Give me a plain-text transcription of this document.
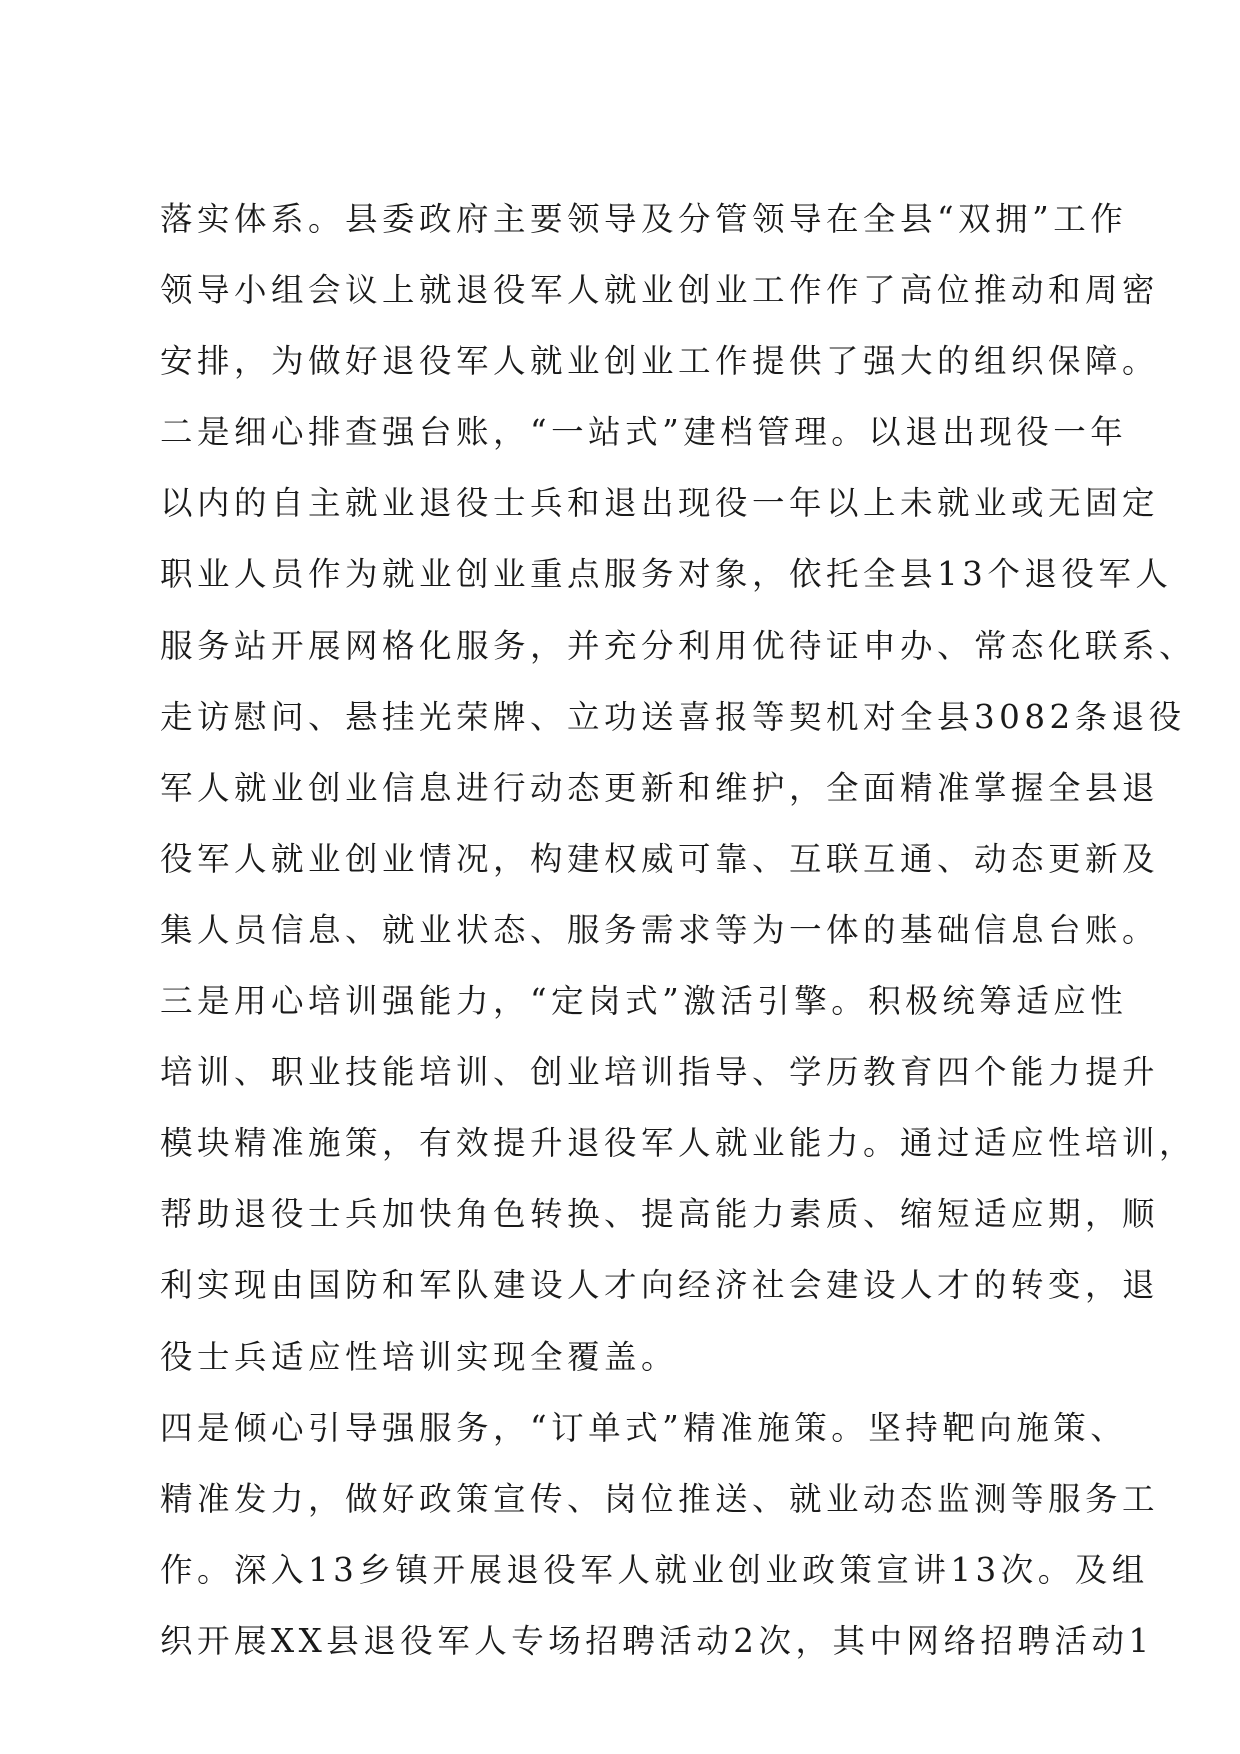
落实体系。县委政府主要领导及分管领导在全县“双拥”工作
领导小组会议上就退役军人就业创业工作作了高位推动和周密
安排，为做好退役军人就业创业工作提供了强大的组织保障。
二是细心排查强台账，“一站式”建档管理。以退出现役一年
以内的自主就业退役士兵和退出现役一年以上未就业或无固定
职业人员作为就业创业重点服务对象，依托全县13个退役军人
服务站开展网格化服务，并充分利用优待证申办、常态化联系、
走访慰问、悬挂光荣牌、立功送喜报等契机对全县3082条退役
军人就业创业信息进行动态更新和维护，全面精准掌握全县退
役军人就业创业情况，构建权威可靠、互联互通、动态更新及
集人员信息、就业状态、服务需求等为一体的基础信息台账。
三是用心培训强能力，“定岗式”激活引擎。积极统筹适应性
培训、职业技能培训、创业培训指导、学历教育四个能力提升
模块精准施策，有效提升退役军人就业能力。通过适应性培训，
帮助退役士兵加快角色转换、提高能力素质、缩短适应期，顺
利实现由国防和军队建设人才向经济社会建设人才的转变，退
役士兵适应性培训实现全覆盖。
四是倾心引导强服务，“订单式”精准施策。坚持靶向施策、
精准发力，做好政策宣传、岗位推送、就业动态监测等服务工
作。深入13乡镇开展退役军人就业创业政策宣讲13次。及组
织开展XX县退役军人专场招聘活动2次，其中网络招聘活动1
